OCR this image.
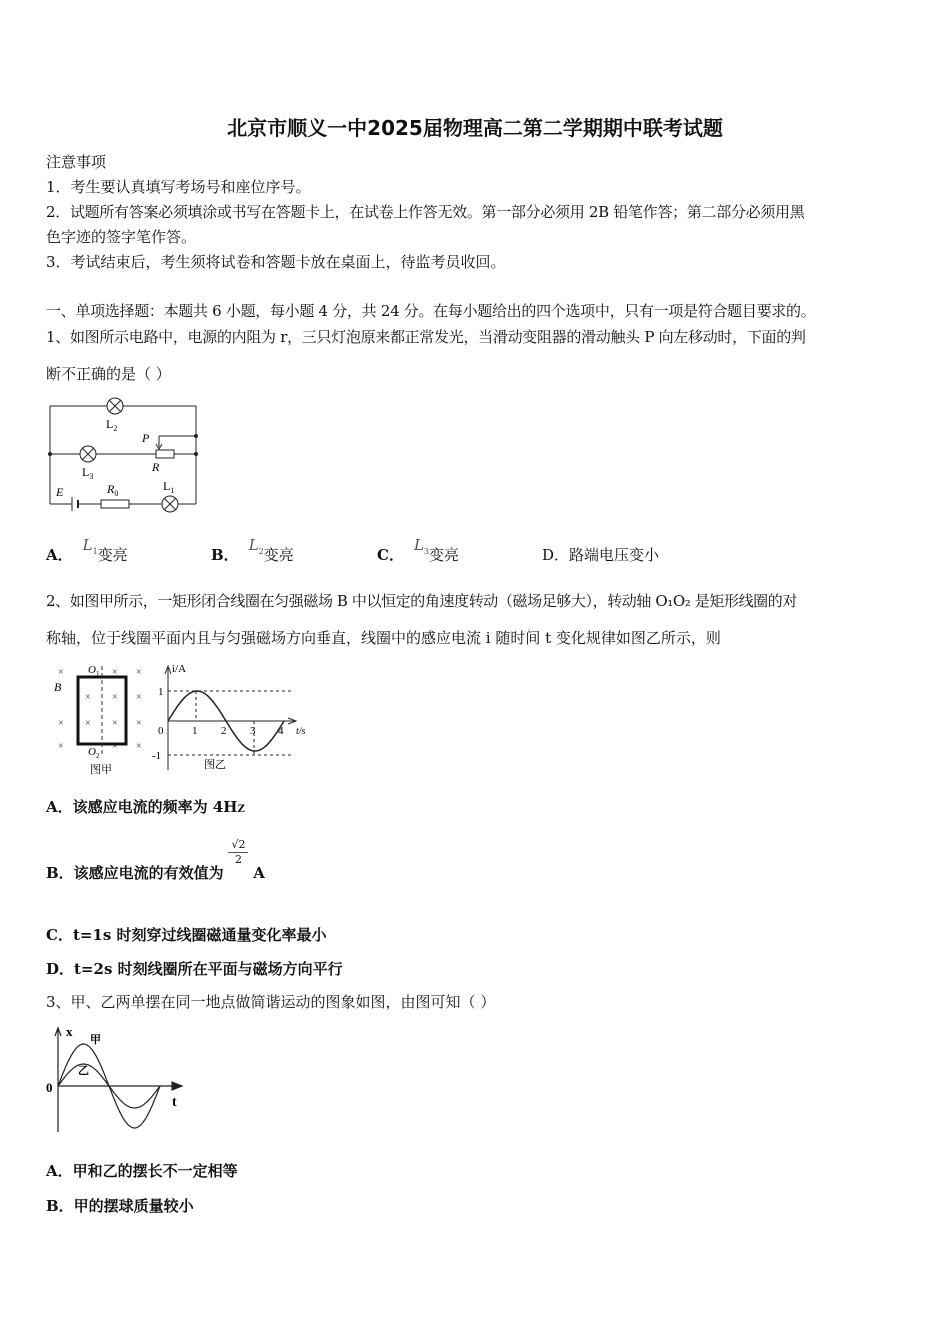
北京市顺义一中2025届物理高二第二学期期中联考试题
注意事项
1．考生要认真填写考场号和座位序号。
2．试题所有答案必须填涂或书写在答题卡上，在试卷上作答无效。第一部分必须用 2B 铅笔作答；第二部分必须用黑
色字迹的签字笔作答。
3．考试结束后，考生须将试卷和答题卡放在桌面上，待监考员收回。
一、单项选择题：本题共 6 小题，每小题 4 分，共 24 分。在每小题给出的四个选项中，只有一项是符合题目要求的。
1、如图所示电路中，电源的内阻为 r，三只灯泡原来都正常发光，当滑动变阻器的滑动触头 P 向左移动时，下面的判
断不正确的是（ ）
$L_2$
P
R
$L_3$
E	$R_0$
$L_1$
A．$L^1$变亮	B．$L^2$变亮	C．$L^3$变亮	D．路端电压变小
2、如图甲所示，一矩形闭合线圈在匀强磁场 B 中以恒定的角速度转动（磁场足够大），转动轴 O₁O₂ 是矩形线圈的对
称轴，位于线圈平面内且与匀强磁场方向垂直，线圈中的感应电流 i 随时间 t 变化规律如图乙所示，则
×	× ×
×
×
×
×	× ×
× ×
× ×
B
$O_1$
$O_2$
图甲
i/A
t/s
1
0
-1
1 2 3 4
图乙
A．该感应电流的频率为 4HZ
B．该感应电流的有效值为
$\frac{√2}{2}$
A
C．t=1s 时刻穿过线圈磁通量变化率最小
D．t=2s 时刻线圈所在平面与磁场方向平行
3、甲、乙两单摆在同一地点做简谐运动的图象如图，由图可知（ ）
x
甲
乙
0
t
A．甲和乙的摆长不一定相等
B．甲的摆球质量较小
